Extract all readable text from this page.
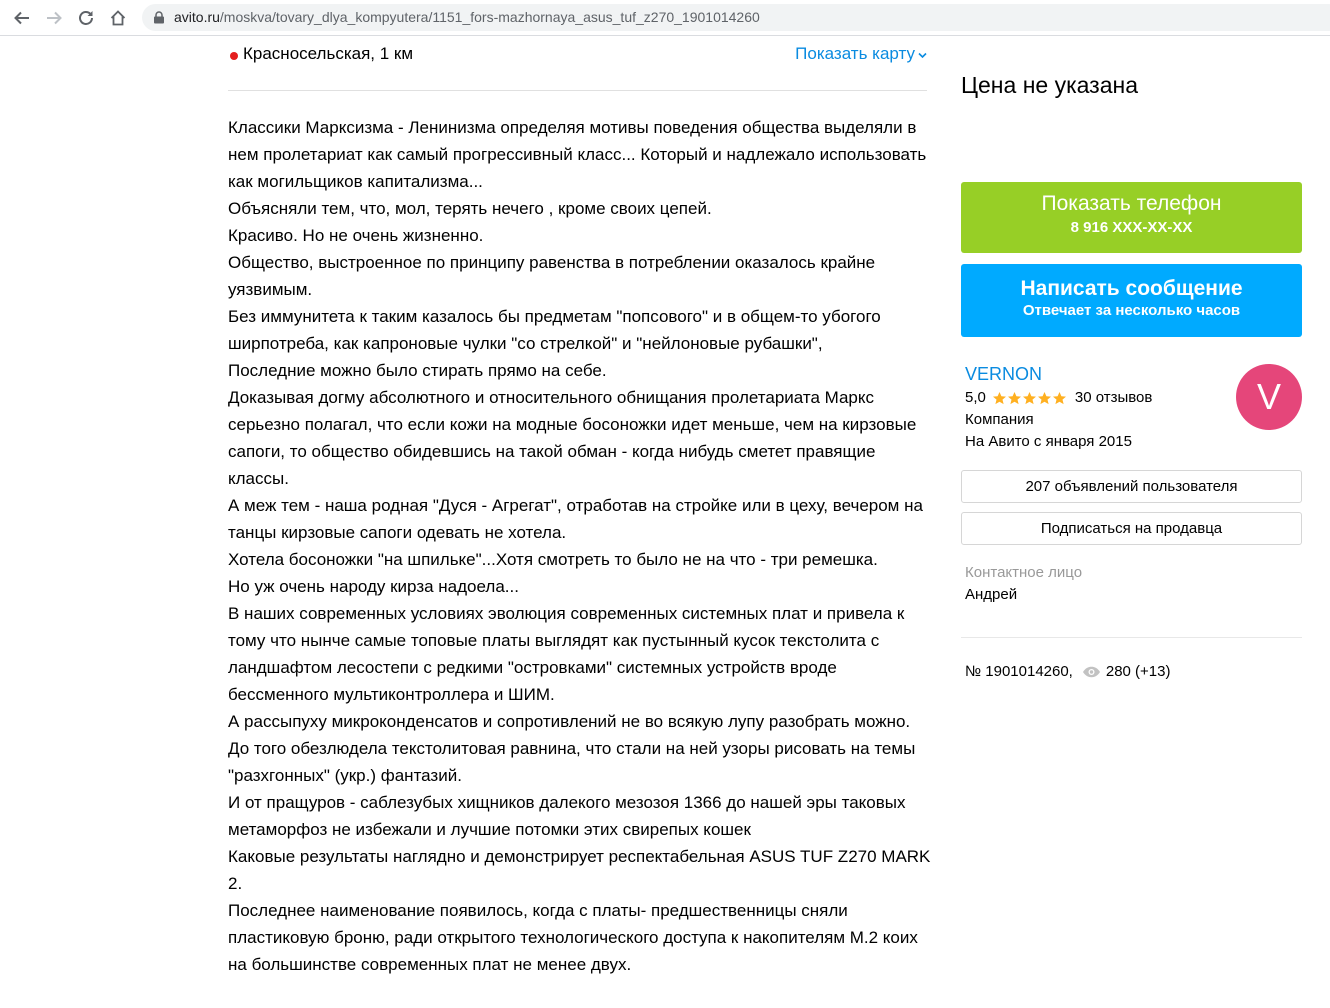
avito.ru/moskva/tovary_dlya_kompyutera/1151_fors-mazhornaya_asus_tuf_z270_1901014260
Красносельская, 1 км	Показать карту

Классики Марксизма - Ленинизма определяя мотивы поведения общества выделяли в нем пролетариат как самый прогрессивный класс... Который и надлежало использовать как могильщиков капитализма...

Объясняли тем, что, мол, терять нечего , кроме своих цепей.

Красиво. Но не очень жизненно.

Общество, выстроенное по принципу равенства в потреблении оказалось крайне уязвимым.

Без иммунитета к таким казалось бы предметам "попсового" и в общем-то убогого ширпотреба, как капроновые чулки "со стрелкой" и "нейлоновые рубашки",

Последние можно было стирать прямо на себе.

Доказывая догму абсолютного и относительного обнищания пролетариата Маркс серьезно полагал, что если кожи на модные босоножки идет меньше, чем на кирзовые сапоги, то общество обидевшись на такой обман - когда нибудь сметет правящие классы.

А меж тем - наша родная "Дуся - Агрегат", отработав на стройке или в цеху, вечером на танцы кирзовые сапоги одевать не хотела.

Хотела босоножки "на шпильке"...Хотя смотреть то было не на что - три ремешка.

Но уж очень народу кирза надоела...

В наших современных условиях эволюция современных системных плат и привела к тому что нынче самые топовые платы выглядят как пустынный кусок текстолита с ландшафтом лесостепи с редкими "островками" системных устройств вроде бессменного мультиконтроллера и ШИМ.

А рассыпуху микроконденсатов и сопротивлений не во всякую лупу разобрать можно.

До того обезлюдела текстолитовая равнина, что стали на ней узоры рисовать на темы "разхгонных" (укр.) фантазий.

И от пращуров - саблезубых хищников далекого мезозоя 1366 до нашей эры таковых метаморфоз не избежали и лучшие потомки этих свирепых кошек

Каковые результаты наглядно и демонстрирует респектабельная ASUS TUF Z270 MARK 2.

Последнее наименование появилось, когда с платы- предшественницы сняли пластиковую броню, ради открытого технологического доступа к накопителям М.2 коих на большинстве современных плат не менее двух.

Цена не указана
Показать телефон
8 916 XXX-XX-XX
Написать сообщение
Отвечает за несколько часов
VERNON
5,0	30 отзывов
Компания
На Авито с января 2015
V
207 объявлений пользователя
Подписаться на продавца
Контактное лицо
Андрей
№ 1901014260, 280 (+13)
